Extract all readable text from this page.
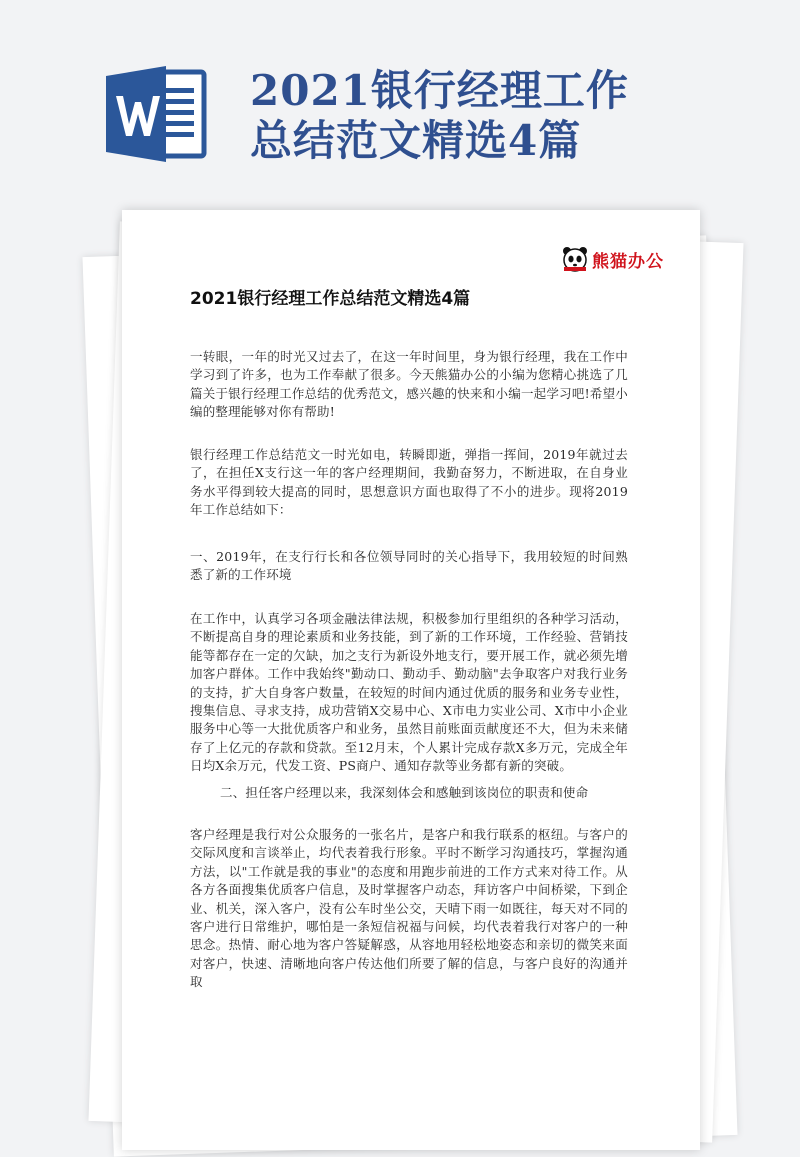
2021银行经理工作
总结范文精选4篇
熊猫办公
2021银行经理工作总结范文精选4篇

一转眼，一年的时光又过去了，在这一年时间里，身为银行经理，我在工作中学习到了许多，也为工作奉献了很多。今天熊猫办公的小编为您精心挑选了几篇关于银行经理工作总结的优秀范文，感兴趣的快来和小编一起学习吧!希望小编的整理能够对你有帮助!

银行经理工作总结范文一时光如电，转瞬即逝，弹指一挥间，2019年就过去了，在担任X支行这一年的客户经理期间，我勤奋努力，不断进取，在自身业务水平得到较大提高的同时，思想意识方面也取得了不小的进步。现将2019年工作总结如下：

一、2019年，在支行行长和各位领导同时的关心指导下，我用较短的时间熟悉了新的工作环境

在工作中，认真学习各项金融法律法规，积极参加行里组织的各种学习活动，不断提高自身的理论素质和业务技能，到了新的工作环境，工作经验、营销技能等都存在一定的欠缺，加之支行为新设外地支行，要开展工作，就必须先增加客户群体。工作中我始终"勤动口、勤动手、勤动脑"去争取客户对我行业务的支持，扩大自身客户数量，在较短的时间内通过优质的服务和业务专业性，搜集信息、寻求支持，成功营销X交易中心、X市电力实业公司、X市中小企业服务中心等一大批优质客户和业务，虽然目前账面贡献度还不大，但为未来储存了上亿元的存款和贷款。至12月末，个人累计完成存款X多万元，完成全年日均X余万元，代发工资、PS商户、通知存款等业务都有新的突破。

二、担任客户经理以来，我深刻体会和感触到该岗位的职责和使命

客户经理是我行对公众服务的一张名片，是客户和我行联系的枢纽。与客户的交际风度和言谈举止，均代表着我行形象。平时不断学习沟通技巧，掌握沟通方法，以"工作就是我的事业"的态度和用跑步前进的工作方式来对待工作。从各方各面搜集优质客户信息，及时掌握客户动态，拜访客户中间桥梁，下到企业、机关，深入客户，没有公车时坐公交，天晴下雨一如既往，每天对不同的客户进行日常维护，哪怕是一条短信祝福与问候，均代表着我行对客户的一种思念。热情、耐心地为客户答疑解惑，从容地用轻松地姿态和亲切的微笑来面对客户，快速、清晰地向客户传达他们所要了解的信息，与客户良好的沟通并取
